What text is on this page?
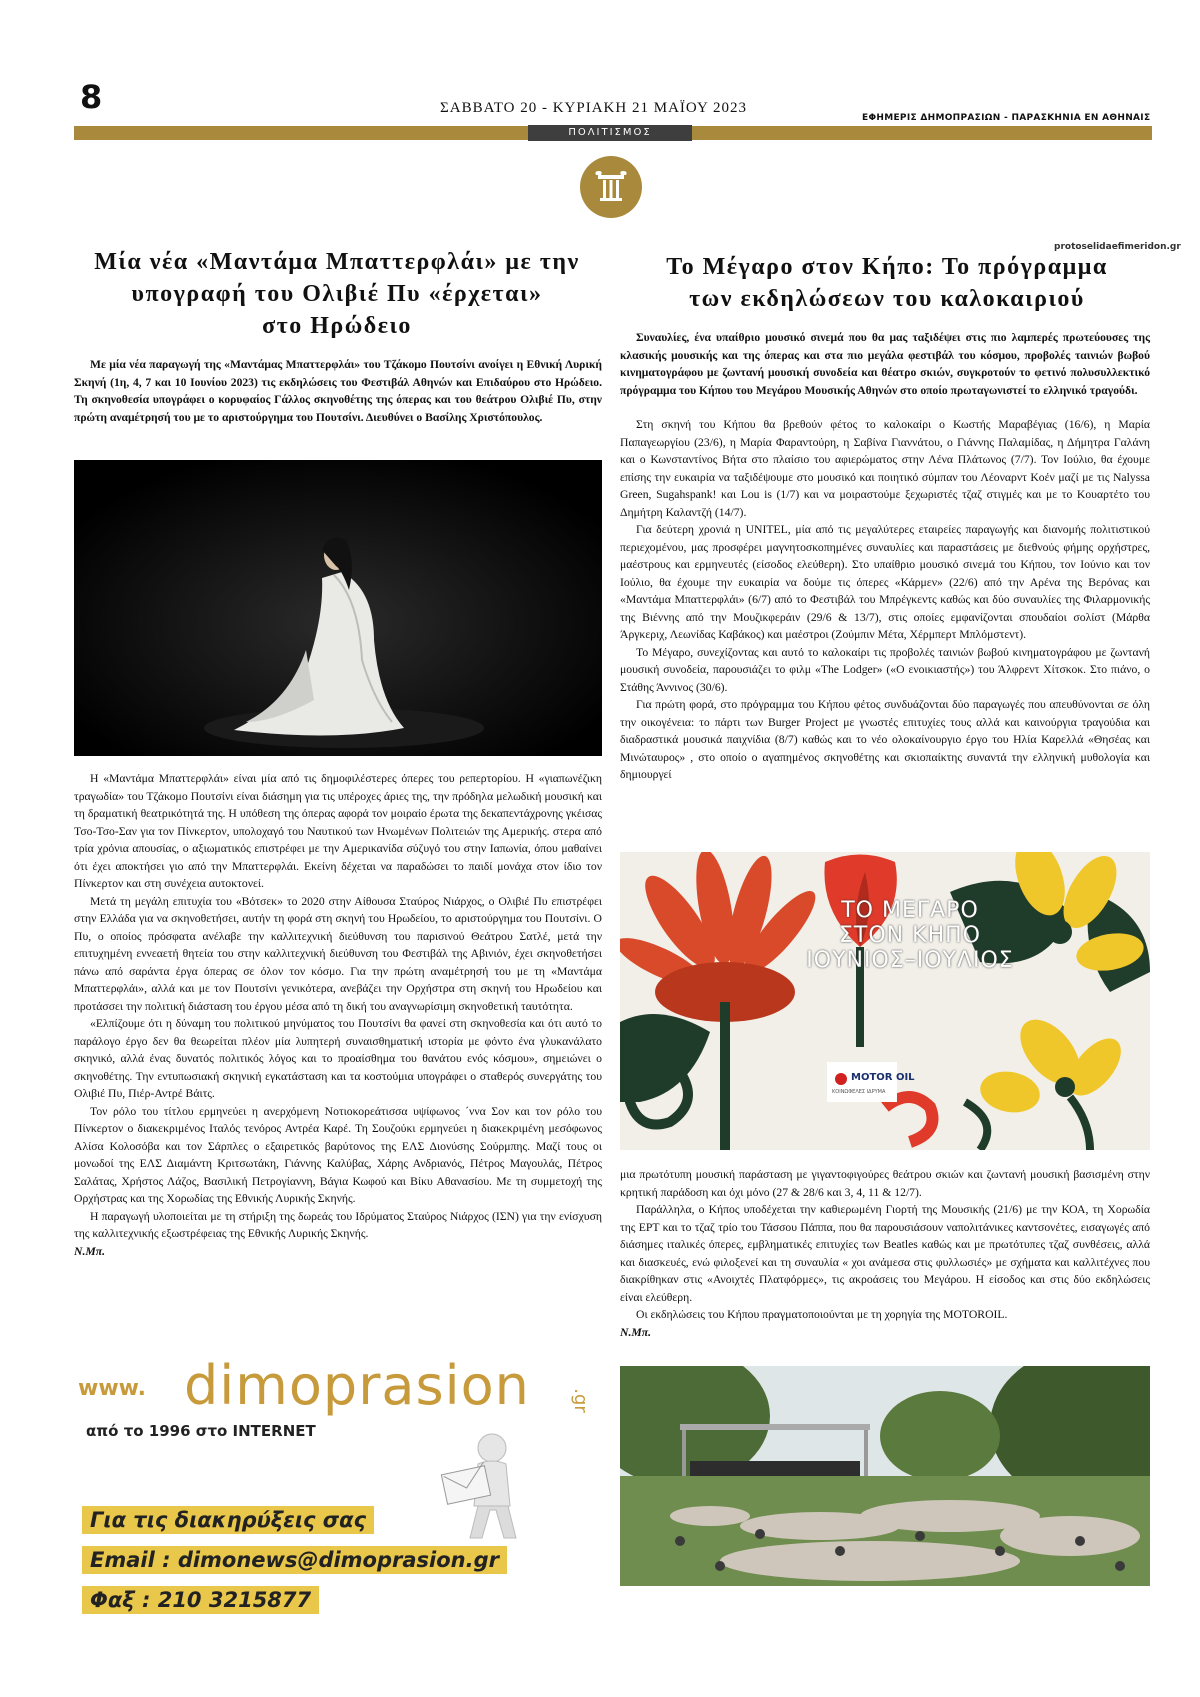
8	ΣΑΒΒΑΤΟ 20 - ΚΥΡΙΑΚΗ 21 ΜΑΪΟΥ 2023
ΕΦΗΜΕΡΙΣ ΔΗΜΟΠΡΑΣΙΩΝ - ΠΑΡΑΣΚΗΝΙΑ ΕΝ ΑΘΗΝΑΙΣ
ΠΟΛΙΤΙΣΜΟΣ
protoselidaefimeridon.gr
Μία νέα «Μαντάμα Μπαττερφλάι» με την
υπογραφή του Ολιβιέ Πυ «έρχεται»
στο Ηρώδειο

Με μία νέα παραγωγή της «Μαντάμας Μπαττερφλάι» του Τζάκομο Πουτσίνι ανοίγει η Εθνική Λυρική Σκηνή (1η, 4, 7 και 10 Ιουνίου 2023) τις εκδηλώσεις του Φεστιβάλ Αθηνών και Επιδαύρου στο Ηρώδειο. Τη σκηνοθεσία υπογράφει ο κορυφαίος Γάλλος σκηνοθέτης της όπερας και του θεάτρου Ολιβιέ Πυ, στην πρώτη αναμέτρησή του με το αριστούργημα του Πουτσίνι. Διευθύνει ο Βασίλης Χριστόπουλος.

Η «Μαντάμα Μπαττερφλάι» είναι μία από τις δημοφιλέστερες όπερες του ρεπερτορίου. Η «γιαπωνέζικη τραγωδία» του Τζάκομο Πουτσίνι είναι διάσημη για τις υπέροχες άριες της, την πρόδηλα μελωδική μουσική και τη δραματική θεατρικότητά της. Η υπόθεση της όπερας αφορά τον μοιραίο έρωτα της δεκαπεντάχρονης γκέισας Τσο-Τσο-Σαν για τον Πίνκερτον, υπολοχαγό του Ναυτικού των Ηνωμένων Πολιτειών της Αμερικής. στερα από τρία χρόνια απουσίας, ο αξιωματικός επιστρέφει με την Αμερικανίδα σύζυγό του στην Ιαπωνία, όπου μαθαίνει ότι έχει αποκτήσει γιο από την Μπαττερφλάι. Εκείνη δέχεται να παραδώσει το παιδί μονάχα στον ίδιο τον Πίνκερτον και στη συνέχεια αυτοκτονεί.

Μετά τη μεγάλη επιτυχία του «Βότσεκ» το 2020 στην Αίθουσα Σταύρος Νιάρχος, ο Ολιβιέ Πυ επιστρέφει στην Ελλάδα για να σκηνοθετήσει, αυτήν τη φορά στη σκηνή του Ηρωδείου, το αριστούργημα του Πουτσίνι. Ο Πυ, ο οποίος πρόσφατα ανέλαβε την καλλιτεχνική διεύθυνση του παρισινού Θεάτρου Σατλέ, μετά την επιτυχημένη εννεαετή θητεία του στην καλλιτεχνική διεύθυνση του Φεστιβάλ της Αβινιόν, έχει σκηνοθετήσει πάνω από σαράντα έργα όπερας σε όλον τον κόσμο. Για την πρώτη αναμέτρησή του με τη «Μαντάμα Μπαττερφλάι», αλλά και με τον Πουτσίνι γενικότερα, ανεβάζει την Ορχήστρα στη σκηνή του Ηρωδείου και προτάσσει την πολιτική διάσταση του έργου μέσα από τη δική του αναγνωρίσιμη σκηνοθετική ταυτότητα.

«Ελπίζουμε ότι η δύναμη του πολιτικού μηνύματος του Πουτσίνι θα φανεί στη σκηνοθεσία και ότι αυτό το παράλογο έργο δεν θα θεωρείται πλέον μία λυπητερή συναισθηματική ιστορία με φόντο ένα γλυκανάλατο σκηνικό, αλλά ένας δυνατός πολιτικός λόγος και το προαίσθημα του θανάτου ενός κόσμου», σημειώνει ο σκηνοθέτης. Την εντυπωσιακή σκηνική εγκατάσταση και τα κοστούμια υπογράφει ο σταθερός συνεργάτης του Ολιβιέ Πυ, Πιέρ-Αντρέ Βάιτς.

Τον ρόλο του τίτλου ερμηνεύει η ανερχόμενη Νοτιοκορεάτισσα υψίφωνος ´ννα Σον και τον ρόλο του Πίνκερτον ο διακεκριμένος Ιταλός τενόρος Αντρέα Καρέ. Τη Σουζούκι ερμηνεύει η διακεκριμένη μεσόφωνος Αλίσα Κολοσόβα και τον Σάρπλες ο εξαιρετικός βαρύτονος της ΕΛΣ Διονύσης Σούρμπης. Μαζί τους οι μονωδοί της ΕΛΣ Διαμάντη Κριτσωτάκη, Γιάννης Καλύβας, Χάρης Ανδριανός, Πέτρος Μαγουλάς, Πέτρος Σαλάτας, Χρήστος Λάζος, Βασιλική Πετρογίαννη, Βάγια Κωφού και Βίκυ Αθανασίου. Με τη συμμετοχή της Ορχήστρας και της Χορωδίας της Εθνικής Λυρικής Σκηνής.

Η παραγωγή υλοποιείται με τη στήριξη της δωρεάς του Ιδρύματος Σταύρος Νιάρχος (ΙΣΝ) για την ενίσχυση της καλλιτεχνικής εξωστρέφειας της Εθνικής Λυρικής Σκηνής.

Ν.Μπ.
www. dimoprasion .gr
από το 1996 στο INTERNET
Για τις διακηρύξεις σας
Email : dimonews@dimoprasion.gr
Φαξ : 210 3215877
Το Μέγαρο στον Κήπο: Το πρόγραμμα
των εκδηλώσεων του καλοκαιριού

Συναυλίες, ένα υπαίθριο μουσικό σινεμά που θα μας ταξιδέψει στις πιο λαμπερές πρωτεύουσες της κλασικής μουσικής και της όπερας και στα πιο μεγάλα φεστιβάλ του κόσμου, προβολές ταινιών βωβού κινηματογράφου με ζωντανή μουσική συνοδεία και θέατρο σκιών, συγκροτούν το φετινό πολυσυλλεκτικό πρόγραμμα του Κήπου του Μεγάρου Μουσικής Αθηνών στο οποίο πρωταγωνιστεί το ελληνικό τραγούδι.

Στη σκηνή του Κήπου θα βρεθούν φέτος το καλοκαίρι ο Κωστής Μαραβέγιας (16/6), η Μαρία Παπαγεωργίου (23/6), η Μαρία Φαραντούρη, η Σαβίνα Γιαννάτου, ο Γιάννης Παλαμίδας, η Δήμητρα Γαλάνη και ο Κωνσταντίνος Βήτα στο πλαίσιο του αφιερώματος στην Λένα Πλάτωνος (7/7). Τον Ιούλιο, θα έχουμε επίσης την ευκαιρία να ταξιδέψουμε στο μουσικό και ποιητικό σύμπαν του Λέοναρντ Κοέν μαζί με τις Nalyssa Green, Sugahspank! και Lou is (1/7) και να μοιραστούμε ξεχωριστές τζαζ στιγμές και με το Κουαρτέτο του Δημήτρη Καλαντζή (14/7).

Για δεύτερη χρονιά η UNITEL, μία από τις μεγαλύτερες εταιρείες παραγωγής και διανομής πολιτιστικού περιεχομένου, μας προσφέρει μαγνητοσκοπημένες συναυλίες και παραστάσεις με διεθνούς φήμης ορχήστρες, μαέστρους και ερμηνευτές (είσοδος ελεύθερη). Στο υπαίθριο μουσικό σινεμά του Κήπου, τον Ιούνιο και τον Ιούλιο, θα έχουμε την ευκαιρία να δούμε τις όπερες «Κάρμεν» (22/6) από την Αρένα της Βερόνας και «Μαντάμα Μπαττερφλάι» (6/7) από το Φεστιβάλ του Μπρέγκεντς καθώς και δύο συναυλίες της Φιλαρμονικής της Βιέννης από την Μουζικφεράιν (29/6 & 13/7), στις οποίες εμφανίζονται σπουδαίοι σολίστ (Μάρθα Άργκεριχ, Λεωνίδας Καβάκος) και μαέστροι (Ζούμπιν Μέτα, Χέρμπερτ Μπλόμστεντ).

Το Μέγαρο, συνεχίζοντας και αυτό το καλοκαίρι τις προβολές ταινιών βωβού κινηματογράφου με ζωντανή μουσική συνοδεία, παρουσιάζει το φιλμ «The Lodger» («Ο ενοικιαστής») του Άλφρεντ Χίτσκοκ. Στο πιάνο, ο Στάθης Άννινος (30/6).

Για πρώτη φορά, στο πρόγραμμα του Κήπου φέτος συνδυάζονται δύο παραγωγές που απευθύνονται σε όλη την οικογένεια: το πάρτι των Burger Project με γνωστές επιτυχίες τους αλλά και καινούργια τραγούδια και διαδραστικά μουσικά παιχνίδια (8/7) καθώς και το νέο ολοκαίνουργιο έργο του Ηλία Καρελλά «Θησέας και Μινώταυρος» , στο οποίο ο αγαπημένος σκηνοθέτης και σκιοπαίκτης συναντά την ελληνική μυθολογία και δημιουργεί

ΤΟ ΜΕΓΑΡΟ
ΣΤΟΝ ΚΗΠΟ
ΙΟΥΝΙΟΣ–ΙΟΥΛΙΟΣ
MOTOR OIL
ΚΟΙΝΩΦΕΛΕΣ ΙΔΡΥΜΑ

μια πρωτότυπη μουσική παράσταση με γιγαντοφιγούρες θεάτρου σκιών και ζωντανή μουσική βασισμένη στην κρητική παράδοση και όχι μόνο (27 & 28/6 και 3, 4, 11 & 12/7).

Παράλληλα, ο Κήπος υποδέχεται την καθιερωμένη Γιορτή της Μουσικής (21/6) με την ΚΟΑ, τη Χορωδία της ΕΡΤ και το τζαζ τρίο του Τάσσου Πάππα, που θα παρουσιάσουν ναπολιτάνικες καντσονέτες, εισαγωγές από διάσημες ιταλικές όπερες, εμβληματικές επιτυχίες των Beatles καθώς και με πρωτότυπες τζαζ συνθέσεις, αλλά και διασκευές, ενώ φιλοξενεί και τη συναυλία « χοι ανάμεσα στις φυλλωσιές» με σχήματα και καλλιτέχνες που διακρίθηκαν στις «Ανοιχτές Πλατφόρμες», τις ακροάσεις του Μεγάρου. Η είσοδος και στις δύο εκδηλώσεις είναι ελεύθερη.

Οι εκδηλώσεις του Κήπου πραγματοποιούνται με τη χορηγία της MOTOROIL.

Ν.Μπ.
